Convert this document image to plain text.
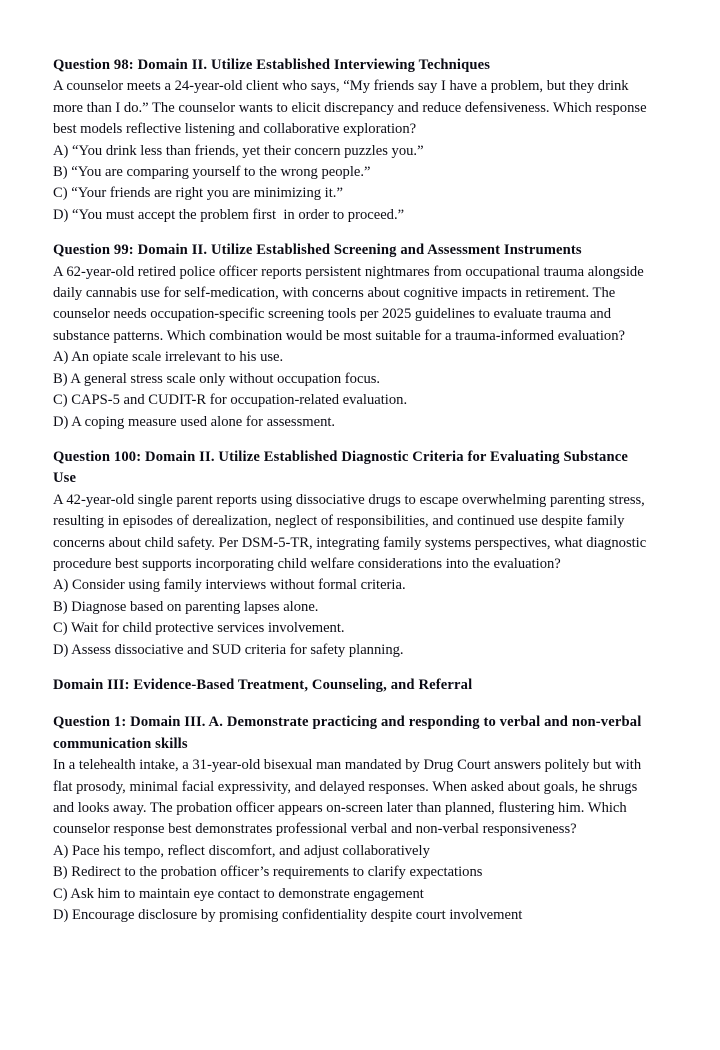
Question 98: Domain II. Utilize Established Interviewing Techniques
A counselor meets a 24-year-old client who says, “My friends say I have a problem, but they drink more than I do.” The counselor wants to elicit discrepancy and reduce defensiveness. Which response best models reflective listening and collaborative exploration?
A) “You drink less than friends, yet their concern puzzles you.”
B) “You are comparing yourself to the wrong people.”
C) “Your friends are right you are minimizing it.”
D) “You must accept the problem first  in order to proceed.”
Question 99: Domain II. Utilize Established Screening and Assessment Instruments
A 62-year-old retired police officer reports persistent nightmares from occupational trauma alongside daily cannabis use for self-medication, with concerns about cognitive impacts in retirement. The counselor needs occupation-specific screening tools per 2025 guidelines to evaluate trauma and substance patterns. Which combination would be most suitable for a trauma-informed evaluation?
A) An opiate scale irrelevant to his use.
B) A general stress scale only without occupation focus.
C) CAPS-5 and CUDIT-R for occupation-related evaluation.
D) A coping measure used alone for assessment.
Question 100: Domain II. Utilize Established Diagnostic Criteria for Evaluating Substance Use
A 42-year-old single parent reports using dissociative drugs to escape overwhelming parenting stress, resulting in episodes of derealization, neglect of responsibilities, and continued use despite family concerns about child safety. Per DSM-5-TR, integrating family systems perspectives, what diagnostic procedure best supports incorporating child welfare considerations into the evaluation?
A) Consider using family interviews without formal criteria.
B) Diagnose based on parenting lapses alone.
C) Wait for child protective services involvement.
D) Assess dissociative and SUD criteria for safety planning.
Domain III: Evidence-Based Treatment, Counseling, and Referral
Question 1: Domain III. A. Demonstrate practicing and responding to verbal and non-verbal communication skills
In a telehealth intake, a 31-year-old bisexual man mandated by Drug Court answers politely but with flat prosody, minimal facial expressivity, and delayed responses. When asked about goals, he shrugs and looks away. The probation officer appears on-screen later than planned, flustering him. Which counselor response best demonstrates professional verbal and non-verbal responsiveness?
A) Pace his tempo, reflect discomfort, and adjust collaboratively
B) Redirect to the probation officer’s requirements to clarify expectations
C) Ask him to maintain eye contact to demonstrate engagement
D) Encourage disclosure by promising confidentiality despite court involvement
